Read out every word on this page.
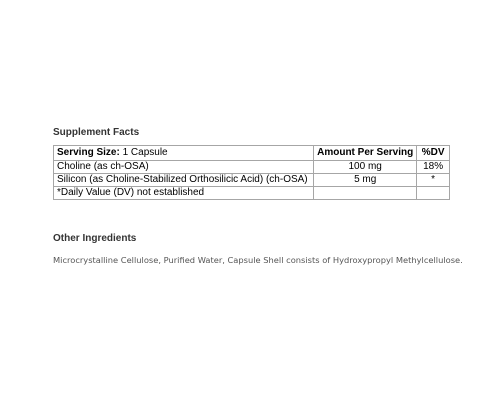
Supplement Facts
Serving Size: 1 Capsule	Amount Per Serving	%DV
Choline (as ch-OSA)	100 mg	18%
Silicon (as Choline-Stabilized Orthosilicic Acid) (ch-OSA)	5 mg	*
*Daily Value (DV) not established		
Other Ingredients

Microcrystalline Cellulose, Purified Water, Capsule Shell consists of Hydroxypropyl Methylcellulose.
